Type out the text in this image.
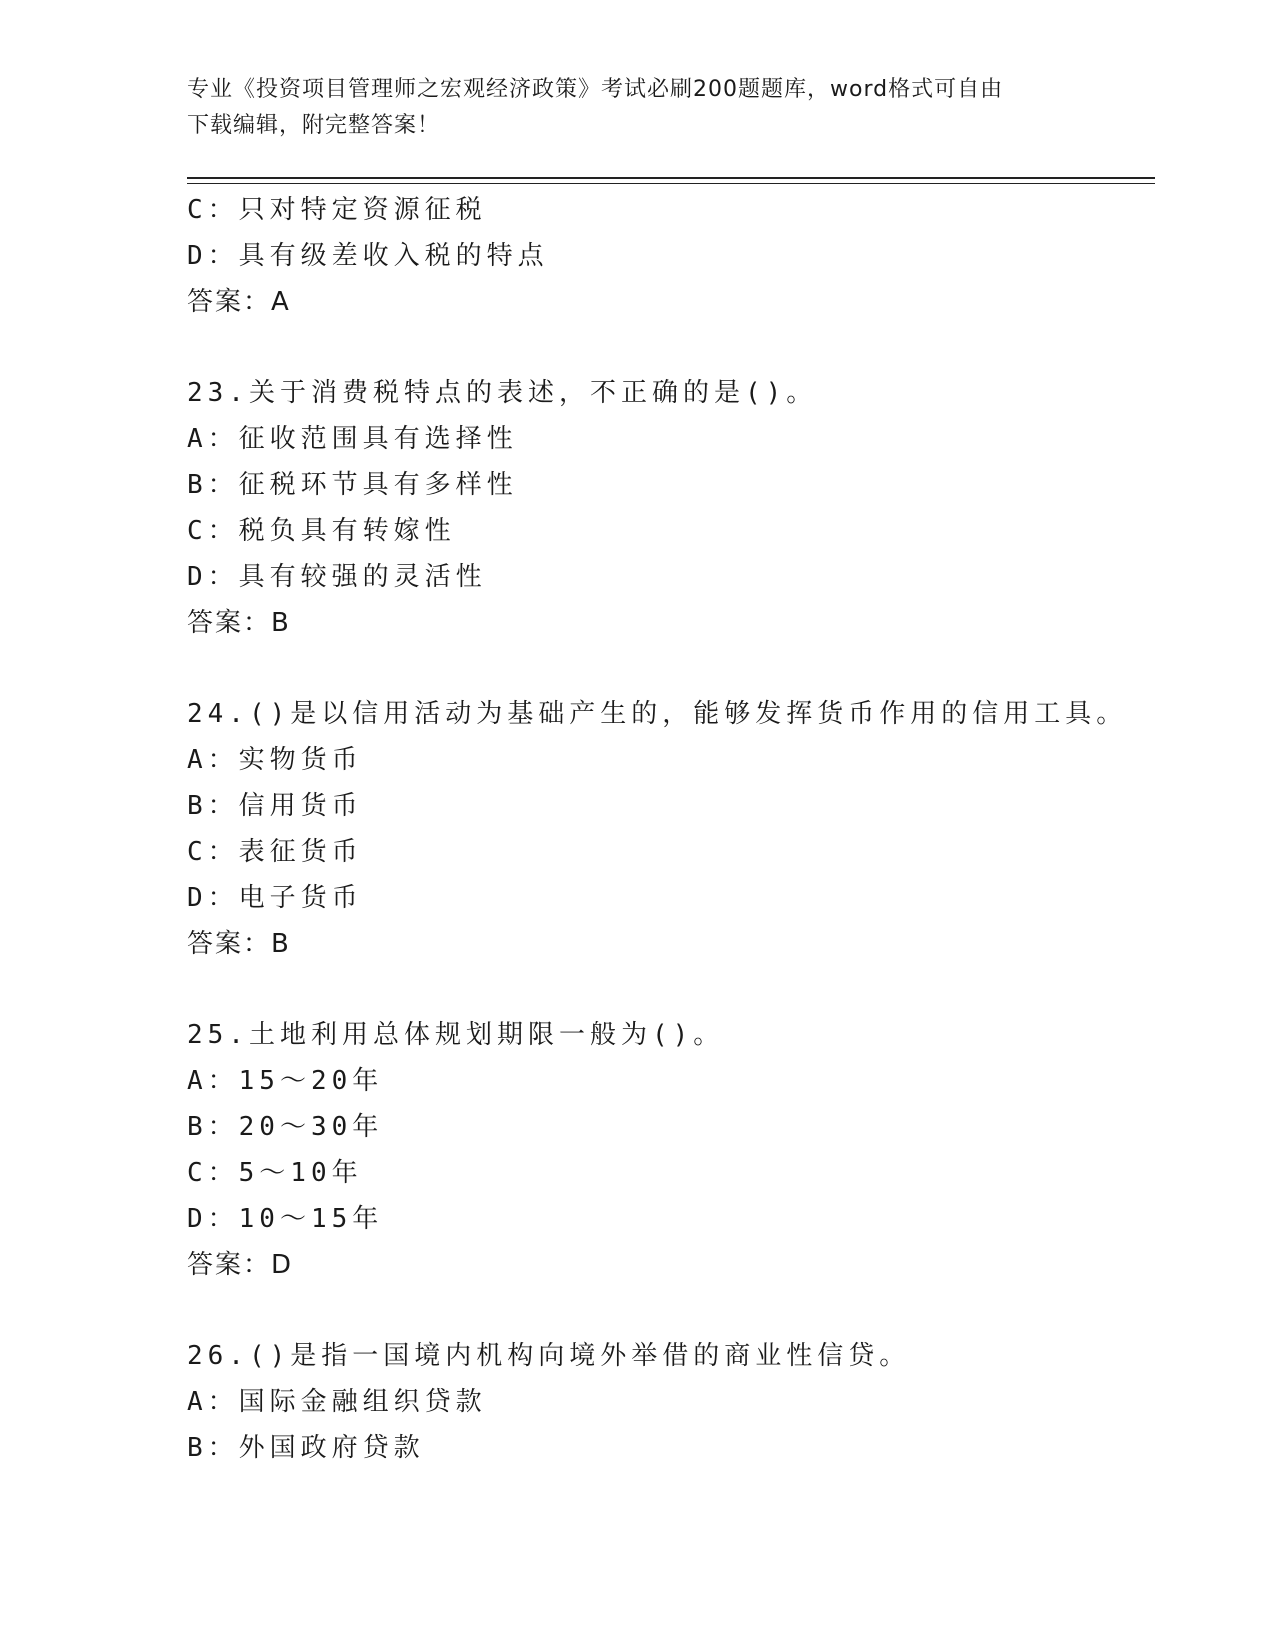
专业《投资项目管理师之宏观经济政策》考试必刷200题题库，word格式可自由
下载编辑，附完整答案！
C：只对特定资源征税
D：具有级差收入税的特点
答案：A
23.关于消费税特点的表述，不正确的是()。
A：征收范围具有选择性
B：征税环节具有多样性
C：税负具有转嫁性
D：具有较强的灵活性
答案：B
24.()是以信用活动为基础产生的，能够发挥货币作用的信用工具。
A：实物货币
B：信用货币
C：表征货币
D：电子货币
答案：B
25.土地利用总体规划期限一般为()。
A：15～20年
B：20～30年
C：5～10年
D：10～15年
答案：D
26.()是指一国境内机构向境外举借的商业性信贷。
A：国际金融组织贷款
B：外国政府贷款
